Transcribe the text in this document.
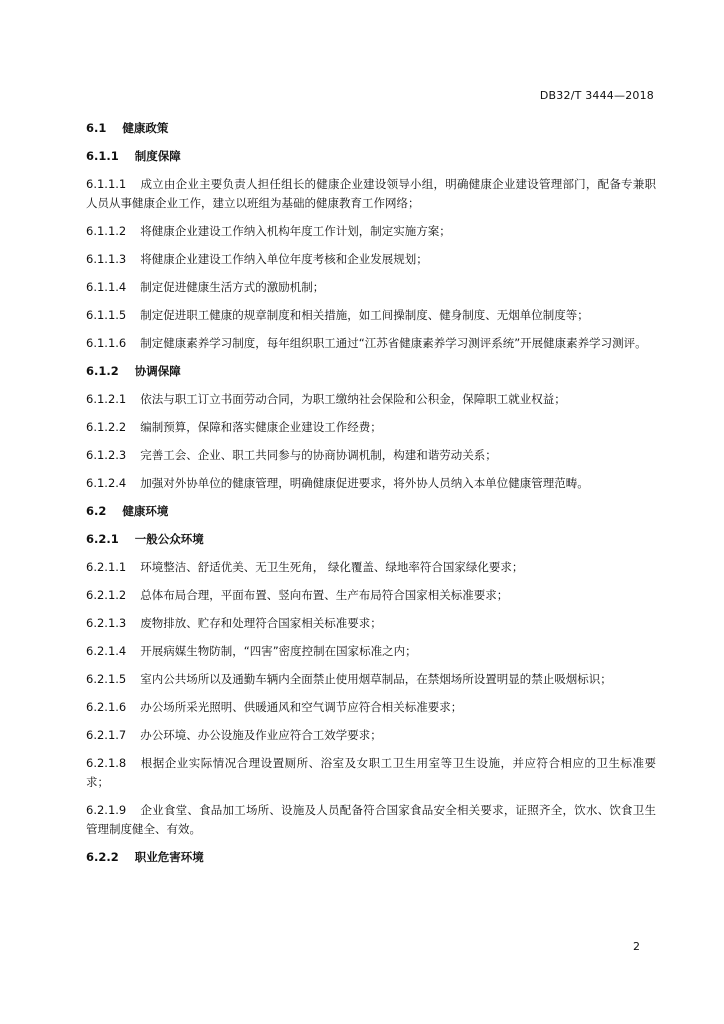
DB32/T 3444—2018
6.1 健康政策
6.1.1 制度保障
6.1.1.1 成立由企业主要负责人担任组长的健康企业建设领导小组，明确健康企业建设管理部门，配备专兼职人员从事健康企业工作，建立以班组为基础的健康教育工作网络；
6.1.1.2 将健康企业建设工作纳入机构年度工作计划，制定实施方案；
6.1.1.3 将健康企业建设工作纳入单位年度考核和企业发展规划；
6.1.1.4 制定促进健康生活方式的激励机制；
6.1.1.5 制定促进职工健康的规章制度和相关措施，如工间操制度、健身制度、无烟单位制度等；
6.1.1.6 制定健康素养学习制度，每年组织职工通过“江苏省健康素养学习测评系统”开展健康素养学习测评。
6.1.2 协调保障
6.1.2.1 依法与职工订立书面劳动合同，为职工缴纳社会保险和公积金，保障职工就业权益；
6.1.2.2 编制预算，保障和落实健康企业建设工作经费；
6.1.2.3 完善工会、企业、职工共同参与的协商协调机制，构建和谐劳动关系；
6.1.2.4 加强对外协单位的健康管理，明确健康促进要求，将外协人员纳入本单位健康管理范畴。
6.2 健康环境
6.2.1 一般公众环境
6.2.1.1 环境整洁、舒适优美、无卫生死角， 绿化覆盖、绿地率符合国家绿化要求；
6.2.1.2 总体布局合理，平面布置、竖向布置、生产布局符合国家相关标准要求；
6.2.1.3 废物排放、贮存和处理符合国家相关标准要求；
6.2.1.4 开展病媒生物防制，“四害”密度控制在国家标准之内；
6.2.1.5 室内公共场所以及通勤车辆内全面禁止使用烟草制品，在禁烟场所设置明显的禁止吸烟标识；
6.2.1.6 办公场所采光照明、供暖通风和空气调节应符合相关标准要求；
6.2.1.7 办公环境、办公设施及作业应符合工效学要求；
6.2.1.8 根据企业实际情况合理设置厕所、浴室及女职工卫生用室等卫生设施，并应符合相应的卫生标准要求；
6.2.1.9 企业食堂、食品加工场所、设施及人员配备符合国家食品安全相关要求，证照齐全，饮水、饮食卫生管理制度健全、有效。
6.2.2 职业危害环境
2
